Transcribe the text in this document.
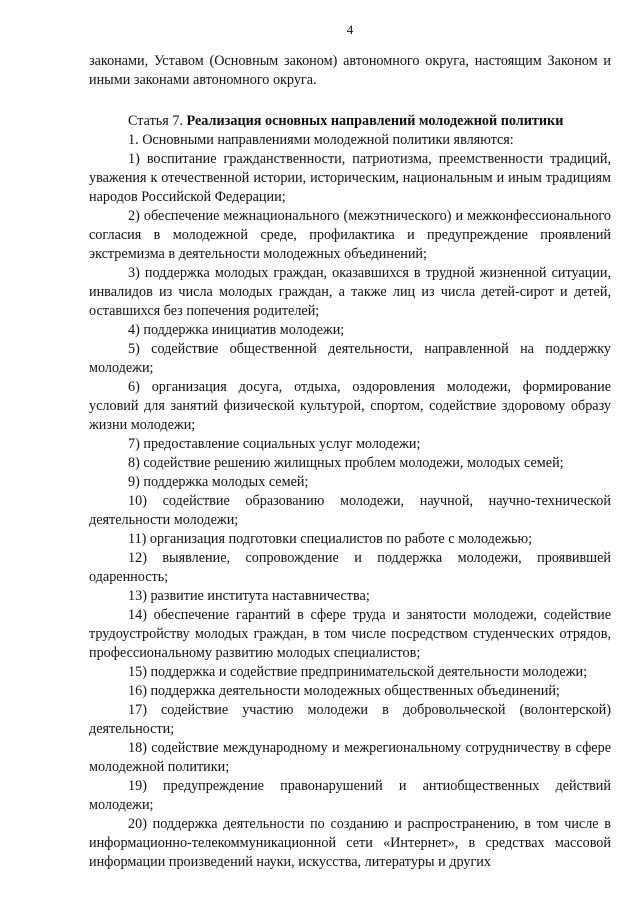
4

законами, Уставом (Основным законом) автономного округа, настоящим Законом и иными законами автономного округа.

Статья 7. Реализация основных направлений молодежной политики

1. Основными направлениями молодежной политики являются:

1) воспитание гражданственности, патриотизма, преемственности традиций, уважения к отечественной истории, историческим, национальным и иным традициям народов Российской Федерации;

2) обеспечение межнационального (межэтнического) и межконфессионального согласия в молодежной среде, профилактика и предупреждение проявлений экстремизма в деятельности молодежных объединений;

3) поддержка молодых граждан, оказавшихся в трудной жизненной ситуации, инвалидов из числа молодых граждан, а также лиц из числа детей-сирот и детей, оставшихся без попечения родителей;

4) поддержка инициатив молодежи;

5) содействие общественной деятельности, направленной на поддержку молодежи;

6) организация досуга, отдыха, оздоровления молодежи, формирование условий для занятий физической культурой, спортом, содействие здоровому образу жизни молодежи;

7) предоставление социальных услуг молодежи;

8) содействие решению жилищных проблем молодежи, молодых семей;

9) поддержка молодых семей;

10) содействие образованию молодежи, научной, научно-технической деятельности молодежи;

11) организация подготовки специалистов по работе с молодежью;

12) выявление, сопровождение и поддержка молодежи, проявившей одаренность;

13) развитие института наставничества;

14) обеспечение гарантий в сфере труда и занятости молодежи, содействие трудоустройству молодых граждан, в том числе посредством студенческих отрядов, профессиональному развитию молодых специалистов;

15) поддержка и содействие предпринимательской деятельности молодежи;

16) поддержка деятельности молодежных общественных объединений;

17) содействие участию молодежи в добровольческой (волонтерской) деятельности;

18) содействие международному и межрегиональному сотрудничеству в сфере молодежной политики;

19) предупреждение правонарушений и антиобщественных действий молодежи;

20) поддержка деятельности по созданию и распространению, в том числе в информационно-телекоммуникационной сети «Интернет», в средствах массовой информации произведений науки, искусства, литературы и других
